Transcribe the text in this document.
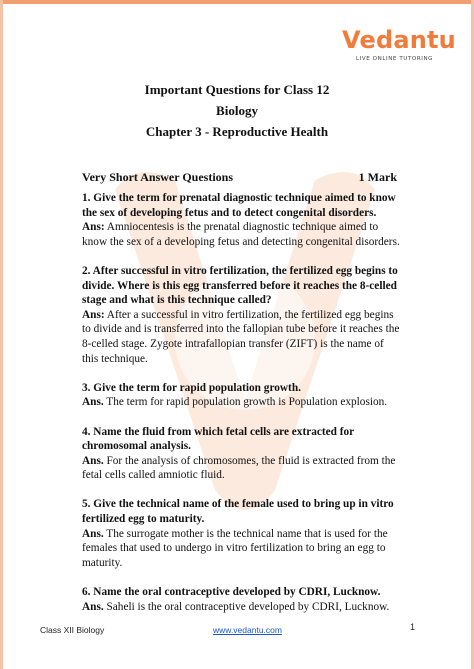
Vedantu
LIVE ONLINE TUTORING
Important Questions for Class 12
Biology
Chapter 3 - Reproductive Health
Very Short Answer Questions	1 Mark
1. Give the term for prenatal diagnostic technique aimed to know the sex of developing fetus and to detect congenital disorders.
Ans: Amniocentesis is the prenatal diagnostic technique aimed to know the sex of a developing fetus and detecting congenital disorders.
2. After successful in vitro fertilization, the fertilized egg begins to divide. Where is this egg transferred before it reaches the 8-celled stage and what is this technique called?
Ans: After a successful in vitro fertilization, the fertilized egg begins to divide and is transferred into the fallopian tube before it reaches the 8-celled stage. Zygote intrafallopian transfer (ZIFT) is the name of this technique.
3. Give the term for rapid population growth.
Ans. The term for rapid population growth is Population explosion.
4. Name the fluid from which fetal cells are extracted for chromosomal analysis.
Ans. For the analysis of chromosomes, the fluid is extracted from the fetal cells called amniotic fluid.
5. Give the technical name of the female used to bring up in vitro fertilized egg to maturity.
Ans. The surrogate mother is the technical name that is used for the females that used to undergo in vitro fertilization to bring an egg to maturity.
6. Name the oral contraceptive developed by CDRI, Lucknow.
Ans. Saheli is the oral contraceptive developed by CDRI, Lucknow.
Class XII Biology	www.vedantu.com	1
